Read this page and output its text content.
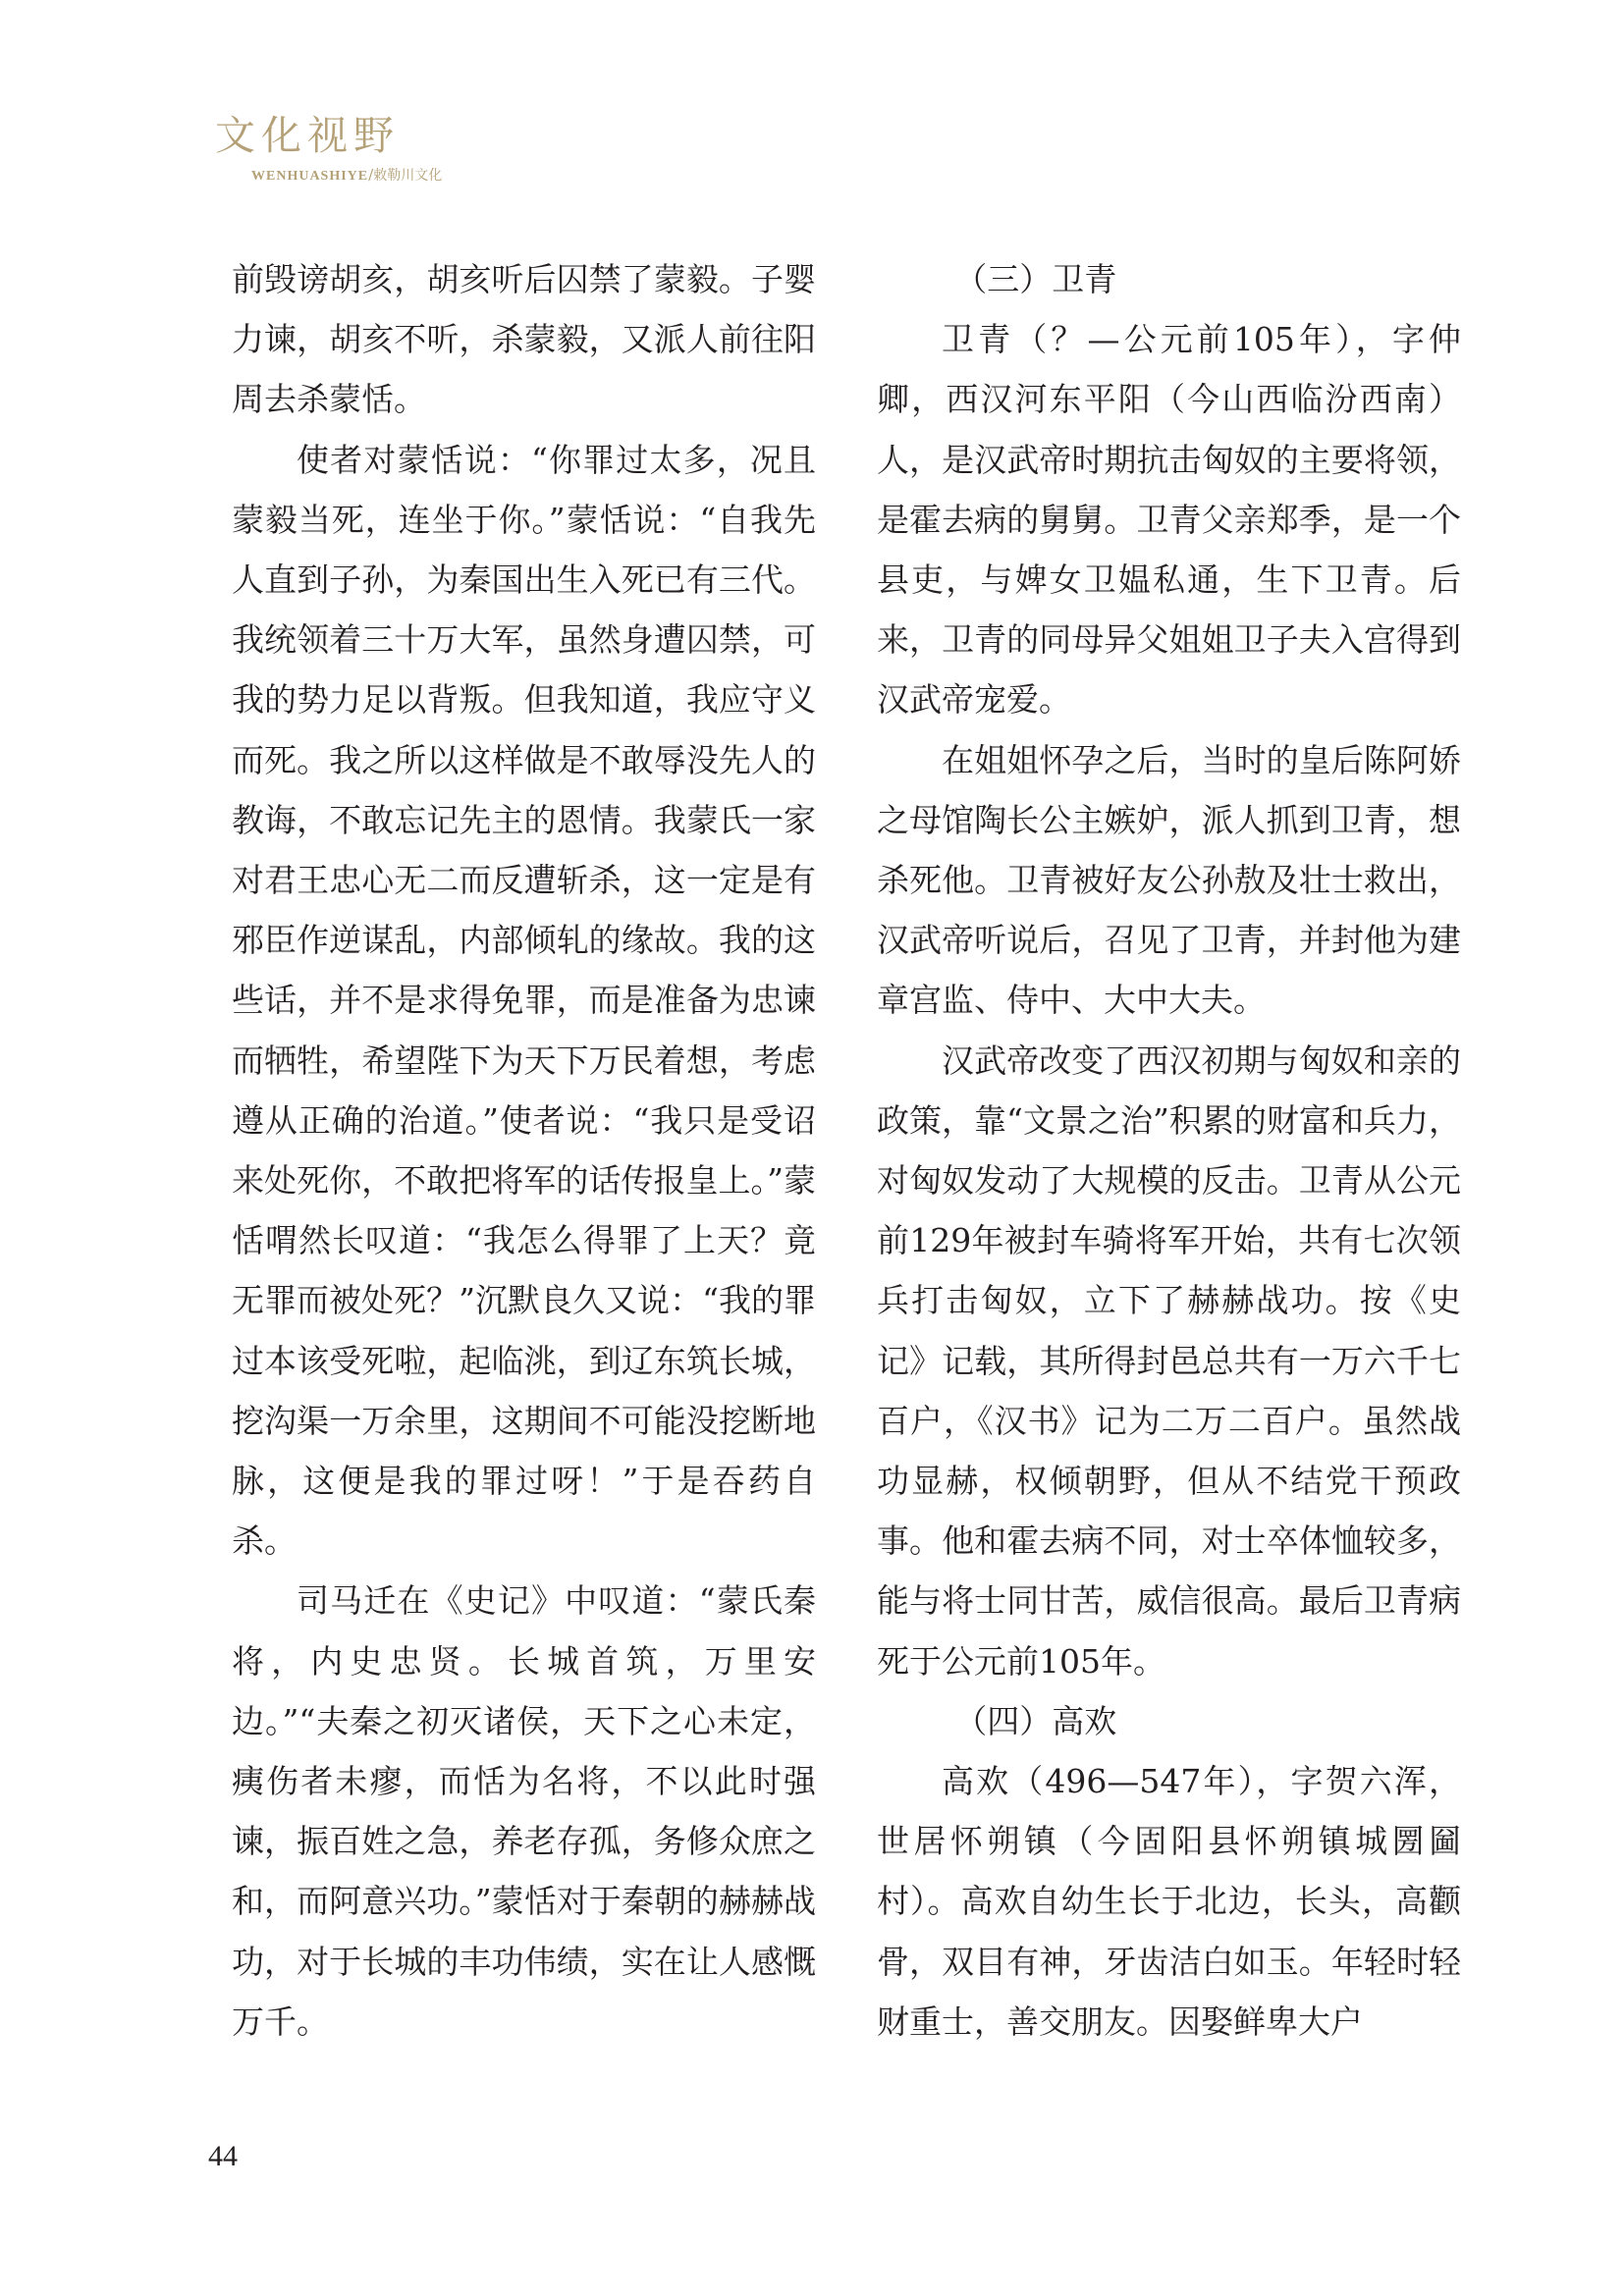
文化视野
WENHUASHIYE/敕勒川文化

前毁谤胡亥，胡亥听后囚禁了蒙毅。子婴力谏，胡亥不听，杀蒙毅，又派人前往阳周去杀蒙恬。

使者对蒙恬说：“你罪过太多，况且蒙毅当死，连坐于你。”蒙恬说：“自我先人直到子孙，为秦国出生入死已有三代。我统领着三十万大军，虽然身遭囚禁，可我的势力足以背叛。但我知道，我应守义而死。我之所以这样做是不敢辱没先人的教诲，不敢忘记先主的恩情。我蒙氏一家对君王忠心无二而反遭斩杀，这一定是有邪臣作逆谋乱，内部倾轧的缘故。我的这些话，并不是求得免罪，而是准备为忠谏而牺牲，希望陛下为天下万民着想，考虑遵从正确的治道。”使者说：“我只是受诏来处死你，不敢把将军的话传报皇上。”蒙恬喟然长叹道：“我怎么得罪了上天？竟无罪而被处死？”沉默良久又说：“我的罪过本该受死啦，起临洮，到辽东筑长城，挖沟渠一万余里，这期间不可能没挖断地脉，这便是我的罪过呀！”于是吞药自杀。

司马迁在《史记》中叹道：“蒙氏秦将，内史忠贤。长城首筑，万里安边。”“夫秦之初灭诸侯，天下之心未定，痍伤者未瘳，而恬为名将，不以此时强谏，振百姓之急，养老存孤，务修众庶之和，而阿意兴功。”蒙恬对于秦朝的赫赫战功，对于长城的丰功伟绩，实在让人感慨万千。

（三）卫青

卫青（？—公元前105年），字仲卿，西汉河东平阳（今山西临汾西南）人，是汉武帝时期抗击匈奴的主要将领，是霍去病的舅舅。卫青父亲郑季，是一个县吏，与婢女卫媪私通，生下卫青。后来，卫青的同母异父姐姐卫子夫入宫得到汉武帝宠爱。

在姐姐怀孕之后，当时的皇后陈阿娇之母馆陶长公主嫉妒，派人抓到卫青，想杀死他。卫青被好友公孙敖及壮士救出，汉武帝听说后，召见了卫青，并封他为建章宫监、侍中、大中大夫。

汉武帝改变了西汉初期与匈奴和亲的政策，靠“文景之治”积累的财富和兵力，对匈奴发动了大规模的反击。卫青从公元前129年被封车骑将军开始，共有七次领兵打击匈奴，立下了赫赫战功。按《史记》记载，其所得封邑总共有一万六千七百户，《汉书》记为二万二百户。虽然战功显赫，权倾朝野，但从不结党干预政事。他和霍去病不同，对士卒体恤较多，能与将士同甘苦，威信很高。最后卫青病死于公元前105年。

（四）高欢

高欢（496—547年），字贺六浑，世居怀朔镇（今固阳县怀朔镇城圐圙村）。高欢自幼生长于北边，长头，高颧骨，双目有神，牙齿洁白如玉。年轻时轻财重士，善交朋友。因娶鲜卑大户

44
